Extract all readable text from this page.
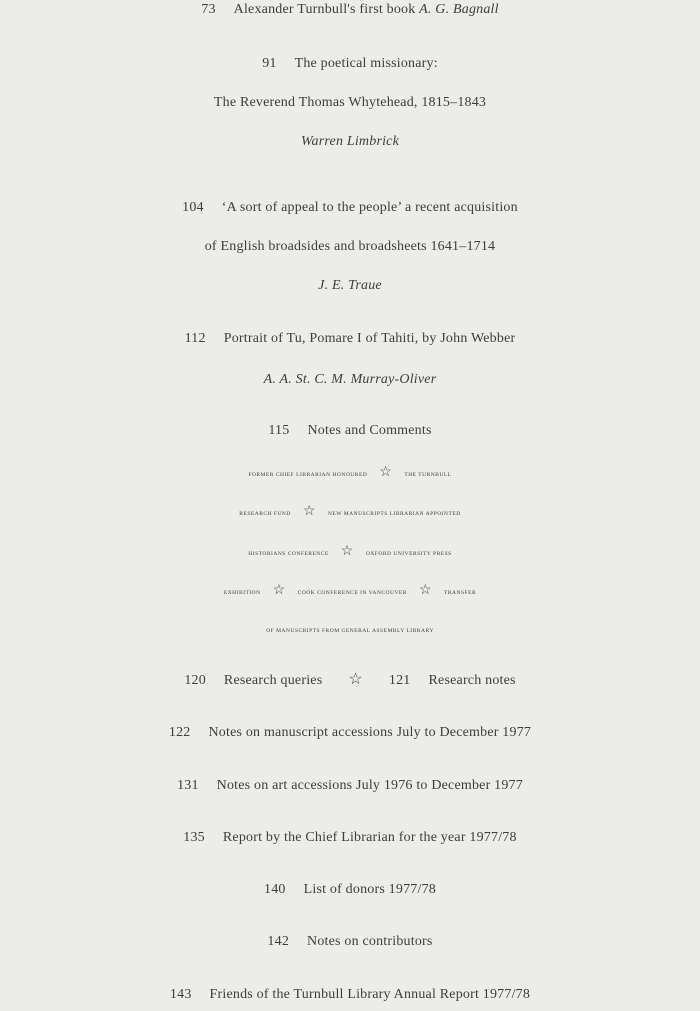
73 Alexander Turnbull's first book A. G. Bagnall
91 The poetical missionary:
The Reverend Thomas Whytehead, 1815–1843
Warren Limbrick
104 ‘A sort of appeal to the people’ a recent acquisition
of English broadsides and broadsheets 1641–1714
J. E. Traue
112 Portrait of Tu, Pomare I of Tahiti, by John Webber
A. A. St. C. M. Murray-Oliver
115 Notes and Comments
FORMER CHIEF LIBRARIAN HONOURED ☆ THE TURNBULL
RESEARCH FUND ☆ NEW MANUSCRIPTS LIBRARIAN APPOINTED
HISTORIANS CONFERENCE ☆ OXFORD UNIVERSITY PRESS
EXHIBITION ☆ COOK CONFERENCE IN VANCOUVER ☆ TRANSFER
OF MANUSCRIPTS FROM GENERAL ASSEMBLY LIBRARY
120 Research queries ☆ 121 Research notes
122 Notes on manuscript accessions July to December 1977
131 Notes on art accessions July 1976 to December 1977
135 Report by the Chief Librarian for the year 1977/78
140 List of donors 1977/78
142 Notes on contributors
143 Friends of the Turnbull Library Annual Report 1977/78
